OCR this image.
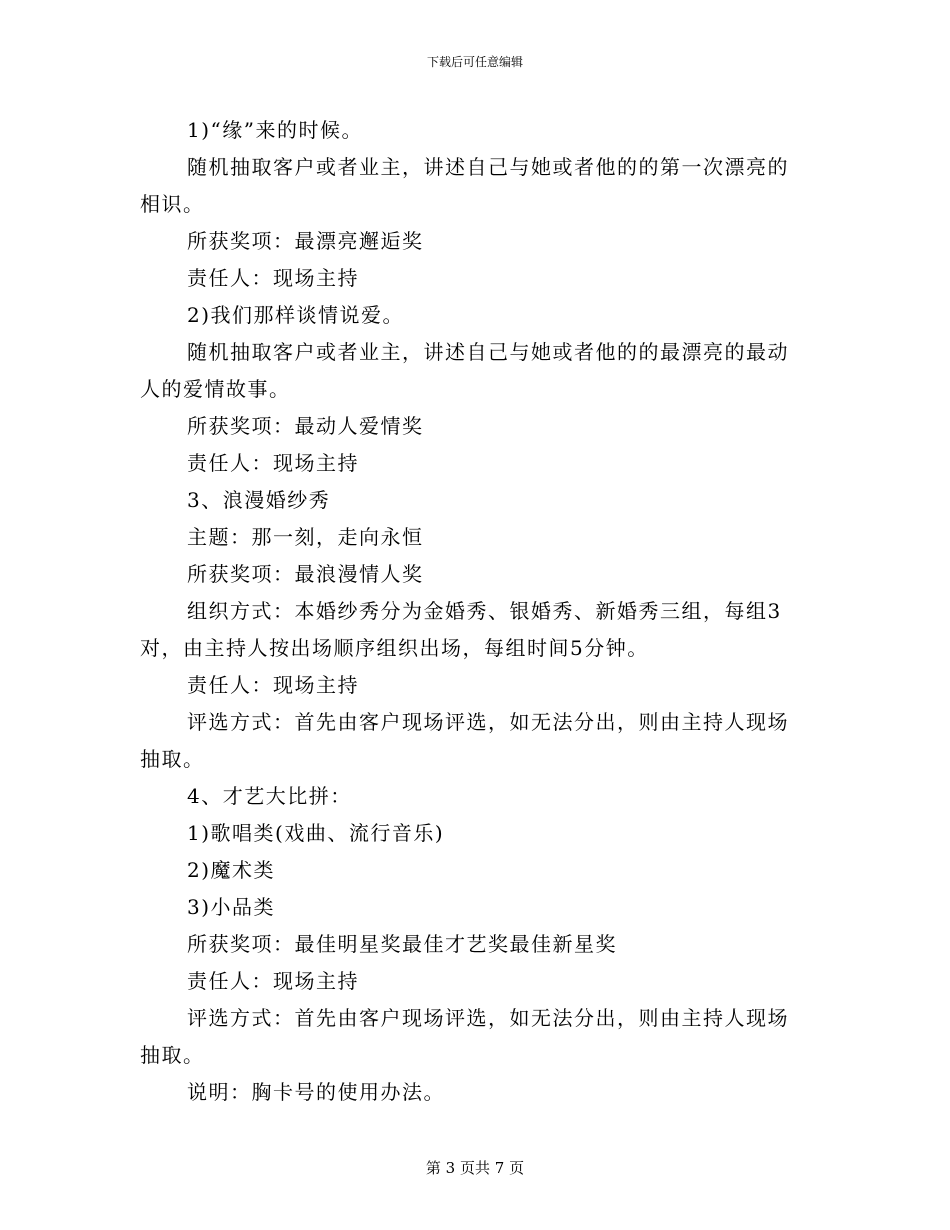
下载后可任意编辑
1)“缘”来的时候。
随机抽取客户或者业主，讲述自己与她或者他的的第一次漂亮的相识。
所获奖项：最漂亮邂逅奖
责任人：现场主持
2)我们那样谈情说爱。
随机抽取客户或者业主，讲述自己与她或者他的的最漂亮的最动人的爱情故事。
所获奖项：最动人爱情奖
责任人：现场主持
3、浪漫婚纱秀
主题：那一刻，走向永恒
所获奖项：最浪漫情人奖
组织方式：本婚纱秀分为金婚秀、银婚秀、新婚秀三组，每组3对，由主持人按出场顺序组织出场，每组时间5分钟。
责任人：现场主持
评选方式：首先由客户现场评选，如无法分出，则由主持人现场抽取。
4、才艺大比拼：
1)歌唱类(戏曲、流行音乐)
2)魔术类
3)小品类
所获奖项：最佳明星奖最佳才艺奖最佳新星奖
责任人：现场主持
评选方式：首先由客户现场评选，如无法分出，则由主持人现场抽取。
说明：胸卡号的使用办法。
第 3 页共 7 页
